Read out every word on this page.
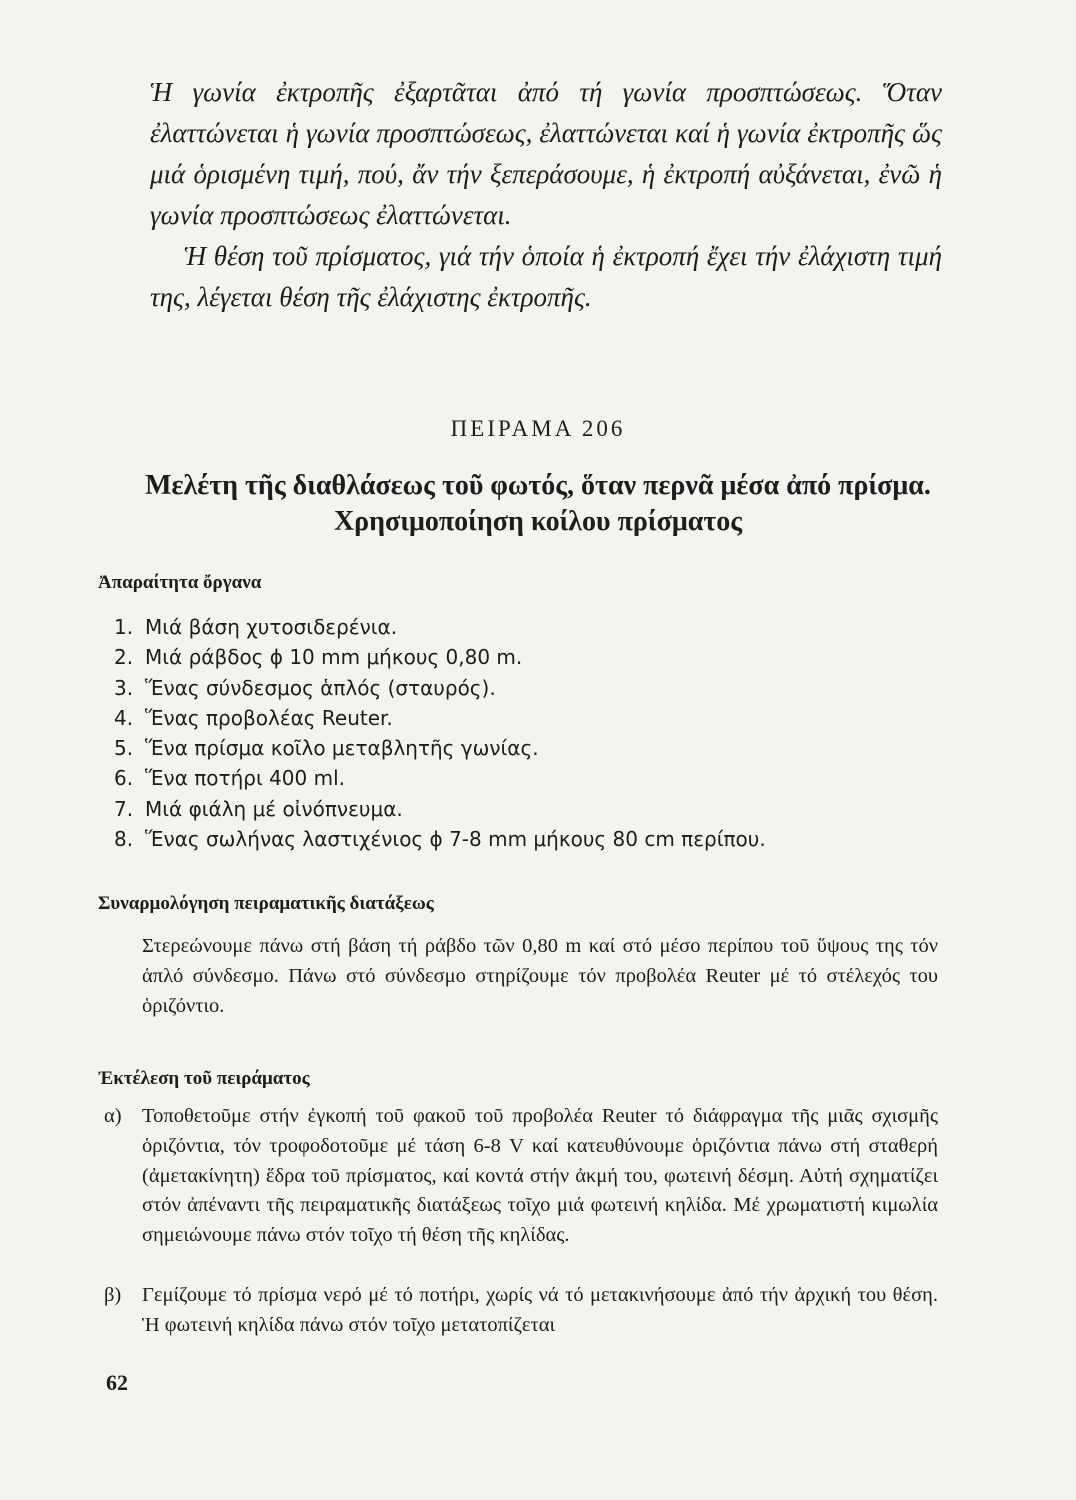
Ἡ γωνία ἐκτροπῆς ἐξαρτᾶται ἀπό τή γωνία προσπτώσεως. Ὅταν ἐλαττώνεται ἡ γωνία προσπτώσεως, ἐλαττώνεται καί ἡ γωνία ἐκτροπῆς ὥς μιά ὁρισμένη τιμή, πού, ἄν τήν ξεπεράσουμε, ἡ ἐκτροπή αὐξάνεται, ἐνῶ ἡ γωνία προσπτώσεως ἐλαττώνεται.

Ἡ θέση τοῦ πρίσματος, γιά τήν ὁποία ἡ ἐκτροπή ἔχει τήν ἐλάχιστη τιμή της, λέγεται θέση τῆς ἐλάχιστης ἐκτροπῆς.

ΠΕΙΡΑΜΑ 206
Μελέτη τῆς διαθλάσεως τοῦ φωτός, ὅταν περνᾶ μέσα ἀπό πρίσμα.
Χρησιμοποίηση κοίλου πρίσματος
Ἀπαραίτητα ὄργανα
1. Μιά βάση χυτοσιδερένια.
2. Μιά ράβδος ϕ 10 mm μήκους 0,80 m.
3. Ἕνας σύνδεσμος ἁπλός (σταυρός).
4. Ἕνας προβολέας Reuter.
5. Ἕνα πρίσμα κοῖλο μεταβλητῆς γωνίας.
6. Ἕνα ποτήρι 400 ml.
7. Μιά φιάλη μέ οἰνόπνευμα.
8. Ἕνας σωλήνας λαστιχένιος ϕ 7-8 mm μήκους 80 cm περίπου.
Συναρμολόγηση πειραματικῆς διατάξεως

Στερεώνουμε πάνω στή βάση τή ράβδο τῶν 0,80 m καί στό μέσο περίπου τοῦ ὕψους της τόν ἁπλό σύνδεσμο. Πάνω στό σύνδεσμο στηρίζουμε τόν προβολέα Reuter μέ τό στέλεχός του ὁριζόντιο.

Ἐκτέλεση τοῦ πειράματος
α) Τοποθετοῦμε στήν ἐγκοπή τοῦ φακοῦ τοῦ προβολέα Reuter τό διάφραγμα τῆς μιᾶς σχισμῆς ὁριζόντια, τόν τροφοδοτοῦμε μέ τάση 6-8 V καί κατευθύνουμε ὁριζόντια πάνω στή σταθερή (ἀμετακίνητη) ἕδρα τοῦ πρίσματος, καί κοντά στήν ἀκμή του, φωτεινή δέσμη. Αὐτή σχηματίζει στόν ἀπέναντι τῆς πειραματικῆς διατάξεως τοῖχο μιά φωτεινή κηλίδα. Μέ χρωματιστή κιμωλία σημειώνουμε πάνω στόν τοῖχο τή θέση τῆς κηλίδας.
β) Γεμίζουμε τό πρίσμα νερό μέ τό ποτήρι, χωρίς νά τό μετακινήσουμε ἀπό τήν ἀρχική του θέση. Ἡ φωτεινή κηλίδα πάνω στόν τοῖχο μετατοπίζεται
62
